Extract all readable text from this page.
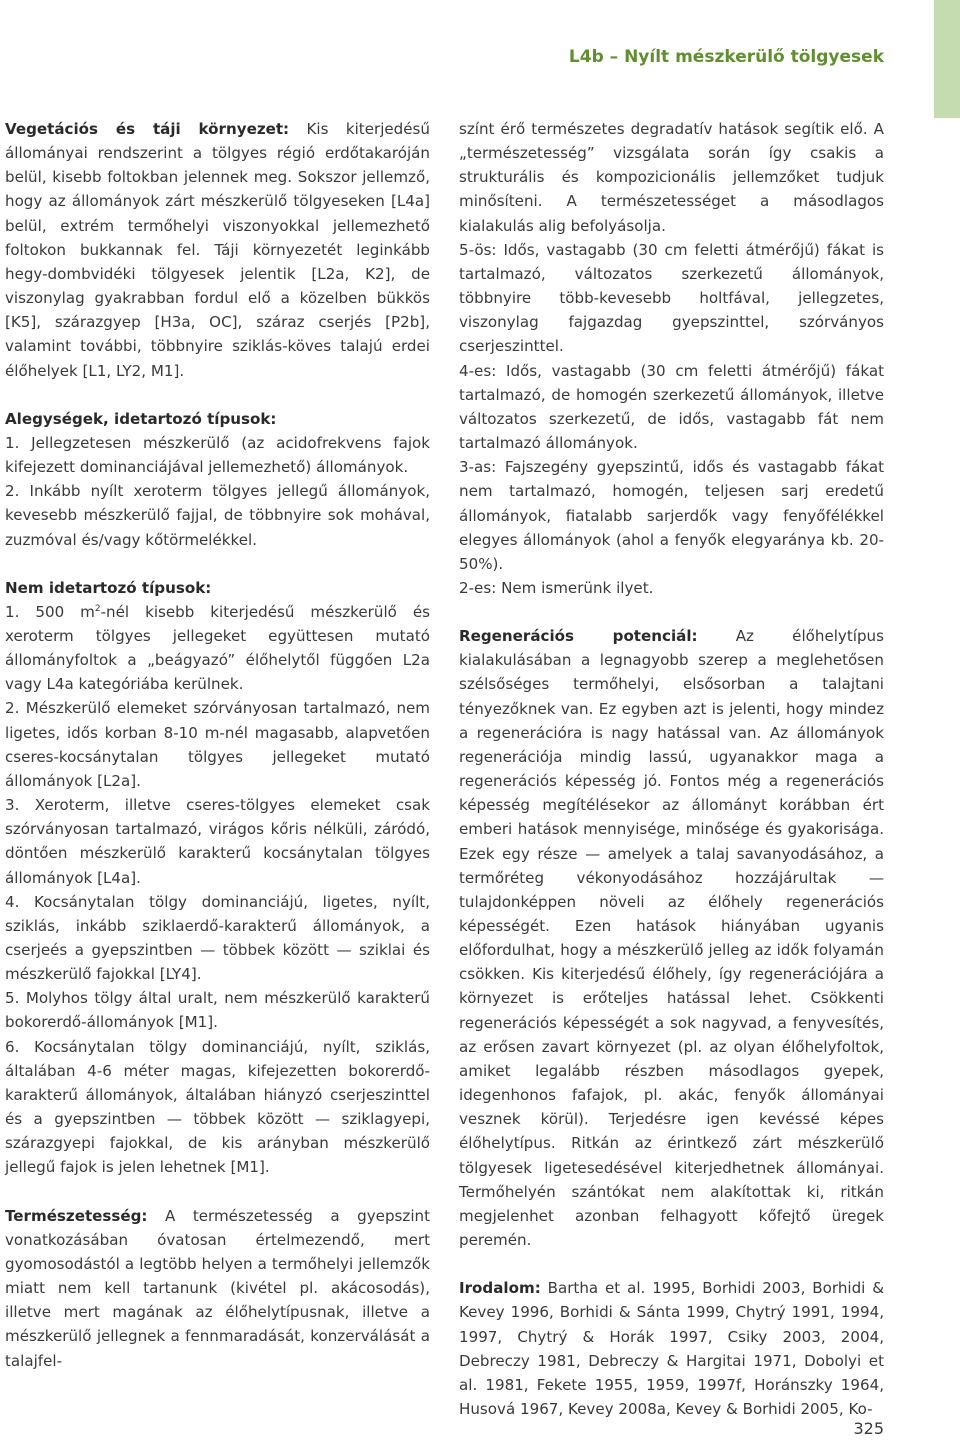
L4b – Nyílt mészkerülő tölgyesek

Vegetációs és táji környezet: Kis kiterjedésű állományai rendszerint a tölgyes régió erdőtakaróján belül, kisebb foltokban jelennek meg. Sokszor jellemző, hogy az állományok zárt mészkerülő tölgyeseken [L4a] belül, extrém termőhelyi viszonyokkal jellemezhető foltokon bukkannak fel. Táji környezetét leginkább hegy-dombvidéki tölgyesek jelentik [L2a, K2], de viszonylag gyakrabban fordul elő a közelben bükkös [K5], szárazgyep [H3a, OC], száraz cserjés [P2b], valamint további, többnyire sziklás-köves talajú erdei élőhelyek [L1, LY2, M1].

Alegységek, idetartozó típusok:

1. Jellegzetesen mészkerülő (az acidofrekvens fajok kifejezett dominanciájával jellemezhető) állományok.

2. Inkább nyílt xeroterm tölgyes jellegű állományok, kevesebb mészkerülő fajjal, de többnyire sok mohával, zuzmóval és/vagy kőtörmelékkel.

Nem idetartozó típusok:

1. 500 $m^2$-nél kisebb kiterjedésű mészkerülő és xeroterm tölgyes jellegeket együttesen mutató állományfoltok a „beágyazó” élőhelytől függően L2a vagy L4a kategóriába kerülnek.

2. Mészkerülő elemeket szórványosan tartalmazó, nem ligetes, idős korban 8-10 m-nél magasabb, alapvetően cseres-kocsánytalan tölgyes jellegeket mutató állományok [L2a].

3. Xeroterm, illetve cseres-tölgyes elemeket csak szórványosan tartalmazó, virágos kőris nélküli, záródó, döntően mészkerülő karakterű kocsánytalan tölgyes állományok [L4a].

4. Kocsánytalan tölgy dominanciájú, ligetes, nyílt, sziklás, inkább sziklaerdő-karakterű állományok, a cserjeés a gyepszintben — többek között — sziklai és mészkerülő fajokkal [LY4].

5. Molyhos tölgy által uralt, nem mészkerülő karakterű bokorerdő-állományok [M1].

6. Kocsánytalan tölgy dominanciájú, nyílt, sziklás, általában 4-6 méter magas, kifejezetten bokorerdő-karakterű állományok, általában hiányzó cserjeszinttel és a gyepszintben — többek között — sziklagyepi, szárazgyepi fajokkal, de kis arányban mészkerülő jellegű fajok is jelen lehetnek [M1].

Természetesség: A természetesség a gyepszint vonatkozásában óvatosan értelmezendő, mert gyomosodástól a legtöbb helyen a termőhelyi jellemzők miatt nem kell tartanunk (kivétel pl. akácosodás), illetve mert magának az élőhelytípusnak, illetve a mészkerülő jellegnek a fennmaradását, konzerválását a talajfel-

színt érő természetes degradatív hatások segítik elő. A „természetesség” vizsgálata során így csakis a strukturális és kompozicionális jellemzőket tudjuk minősíteni. A természetességet a másodlagos kialakulás alig befolyásolja.

5-ös: Idős, vastagabb (30 cm feletti átmérőjű) fákat is tartalmazó, változatos szerkezetű állományok, többnyire több-kevesebb holtfával, jellegzetes, viszonylag fajgazdag gyepszinttel, szórványos cserjeszinttel.

4-es: Idős, vastagabb (30 cm feletti átmérőjű) fákat tartalmazó, de homogén szerkezetű állományok, illetve változatos szerkezetű, de idős, vastagabb fát nem tartalmazó állományok.

3-as: Fajszegény gyepszintű, idős és vastagabb fákat nem tartalmazó, homogén, teljesen sarj eredetű állományok, fiatalabb sarjerdők vagy fenyőfélékkel elegyes állományok (ahol a fenyők elegyaránya kb. 20-50%).

2-es: Nem ismerünk ilyet.

Regenerációs potenciál: Az élőhelytípus kialakulásában a legnagyobb szerep a meglehetősen szélsőséges termőhelyi, elsősorban a talajtani tényezőknek van. Ez egyben azt is jelenti, hogy mindez a regenerációra is nagy hatással van. Az állományok regenerációja mindig lassú, ugyanakkor maga a regenerációs képesség jó. Fontos még a regenerációs képesség megítélésekor az állományt korábban ért emberi hatások mennyisége, minősége és gyakorisága. Ezek egy része — amelyek a talaj savanyodásához, a termőréteg vékonyodásához hozzájárultak — tulajdonképpen növeli az élőhely regenerációs képességét. Ezen hatások hiányában ugyanis előfordulhat, hogy a mészkerülő jelleg az idők folyamán csökken. Kis kiterjedésű élőhely, így regenerációjára a környezet is erőteljes hatással lehet. Csökkenti regenerációs képességét a sok nagyvad, a fenyvesítés, az erősen zavart környezet (pl. az olyan élőhelyfoltok, amiket legalább részben másodlagos gyepek, idegenhonos fafajok, pl. akác, fenyők állományai vesznek körül). Terjedésre igen kevéssé képes élőhelytípus. Ritkán az érintkező zárt mészkerülő tölgyesek ligetesedésével kiterjedhetnek állományai. Termőhelyén szántókat nem alakítottak ki, ritkán megjelenhet azonban felhagyott kőfejtő üregek peremén.

Irodalom: Bartha et al. 1995, Borhidi 2003, Borhidi & Kevey 1996, Borhidi & Sánta 1999, Chytrý 1991, 1994, 1997, Chytrý & Horák 1997, Csiky 2003, 2004, Debreczy 1981, Debreczy & Hargitai 1971, Dobolyi et al. 1981, Fekete 1955, 1959, 1997f, Horánszky 1964, Husová 1967, Kevey 2008a, Kevey & Borhidi 2005, Ko-

325
